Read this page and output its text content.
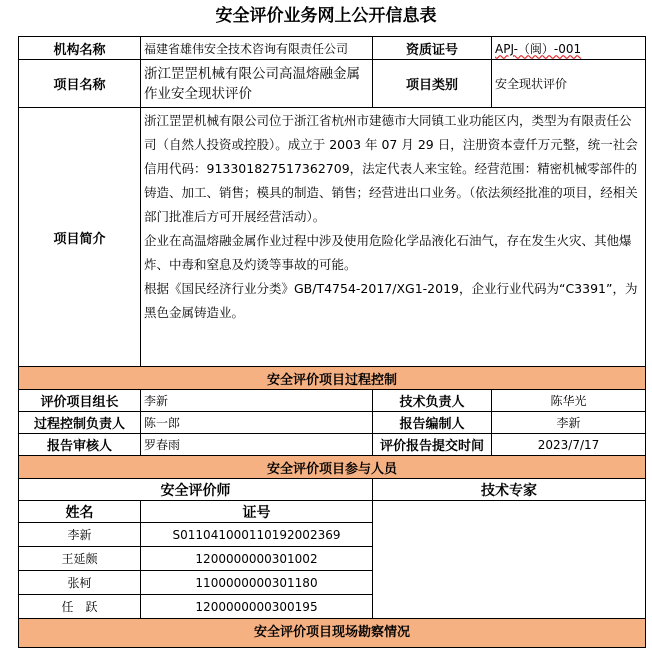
安全评价业务网上公开信息表
机构名称	福建省雄伟安全技术咨询有限责任公司	资质证号	APJ-（闽）-001
项目名称	浙江罡罡机械有限公司高温熔融金属作业安全现状评价	项目类别	安全现状评价
项目简介	浙江罡罡机械有限公司位于浙江省杭州市建德市大同镇工业功能区内，类型为有限责任公司（自然人投资或控股）。成立于 2003 年 07 月 29 日，注册资本壹仟万元整，统一社会信用代码：913301827517362709，法定代表人来宝铨。经营范围：精密机械零部件的铸造、加工、销售；模具的制造、销售；经营进出口业务。（依法须经批准的项目，经相关部门批准后方可开展经营活动）。

企业在高温熔融金属作业过程中涉及使用危险化学品液化石油气，存在发生火灾、其他爆炸、中毒和窒息及灼烫等事故的可能。

根据《国民经济行业分类》GB/T4754-2017/XG1-2019，企业行业代码为“C3391”，为黑色金属铸造业。		

安全评价项目过程控制			
评价项目组长	李新	技术负责人	陈华光
过程控制负责人	陈一郎	报告编制人	李新
报告审核人	罗春雨	评价报告提交时间	2023/7/17
安全评价项目参与人员			
安全评价师		技术专家	
姓名	证号		
李新	S011041000110192002369		
王延颇	1200000000301002		
张柯	1100000000301180		
任　跃	1200000000300195		
安全评价项目现场勘察情况			
